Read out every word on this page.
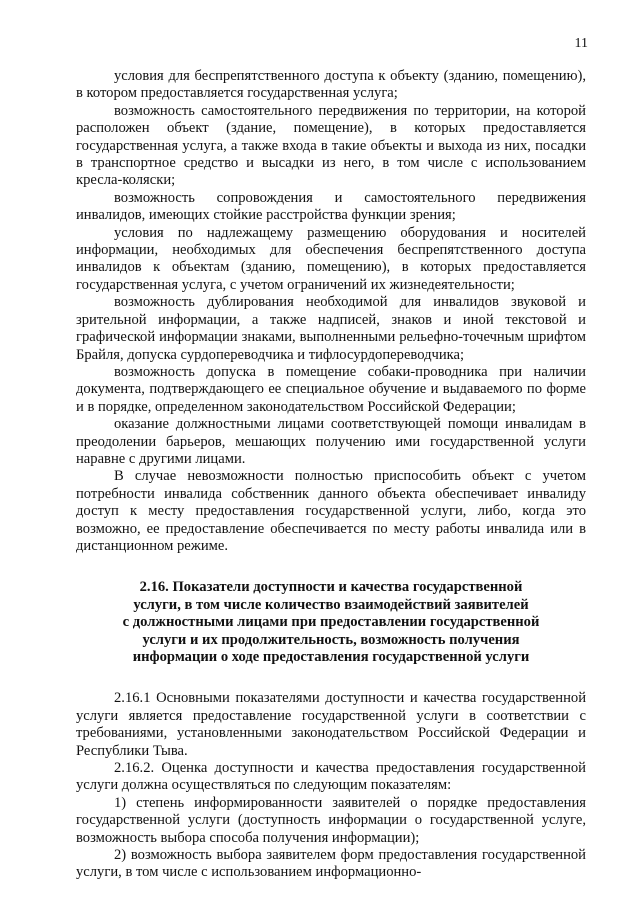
11

условия для беспрепятственного доступа к объекту (зданию, помещению), в котором предоставляется государственная услуга;

возможность самостоятельного передвижения по территории, на которой расположен объект (здание, помещение), в которых предоставляется государственная услуга, а также входа в такие объекты и выхода из них, посадки в транспортное средство и высадки из него, в том числе с использованием кресла-коляски;

возможность сопровождения и самостоятельного передвижения инвалидов, имеющих стойкие расстройства функции зрения;

условия по надлежащему размещению оборудования и носителей информации, необходимых для обеспечения беспрепятственного доступа инвалидов к объектам (зданию, помещению), в которых предоставляется государственная услуга, с учетом ограничений их жизнедеятельности;

возможность дублирования необходимой для инвалидов звуковой и зрительной информации, а также надписей, знаков и иной текстовой и графической информации знаками, выполненными рельефно-точечным шрифтом Брайля, допуска сурдопереводчика и тифлосурдопереводчика;

возможность допуска в помещение собаки-проводника при наличии документа, подтверждающего ее специальное обучение и выдаваемого по форме и в порядке, определенном законодательством Российской Федерации;

оказание должностными лицами соответствующей помощи инвалидам в преодолении барьеров, мешающих получению ими государственной услуги наравне с другими лицами.

В случае невозможности полностью приспособить объект с учетом потребности инвалида собственник данного объекта обеспечивает инвалиду доступ к месту предоставления государственной услуги, либо, когда это возможно, ее предоставление обеспечивается по месту работы инвалида или в дистанционном режиме.

2.16. Показатели доступности и качества государственной
услуги, в том числе количество взаимодействий заявителей
с должностными лицами при предоставлении государственной
услуги и их продолжительность, возможность получения
информации о ходе предоставления государственной услуги

2.16.1 Основными показателями доступности и качества государственной услуги является предоставление государственной услуги в соответствии с требованиями, установленными законодательством Российской Федерации и Республики Тыва.

2.16.2. Оценка доступности и качества предоставления государственной услуги должна осуществляться по следующим показателям:

1) степень информированности заявителей о порядке предоставления государственной услуги (доступность информации о государственной услуге, возможность выбора способа получения информации);

2) возможность выбора заявителем форм предоставления государственной услуги, в том числе с использованием информационно-
